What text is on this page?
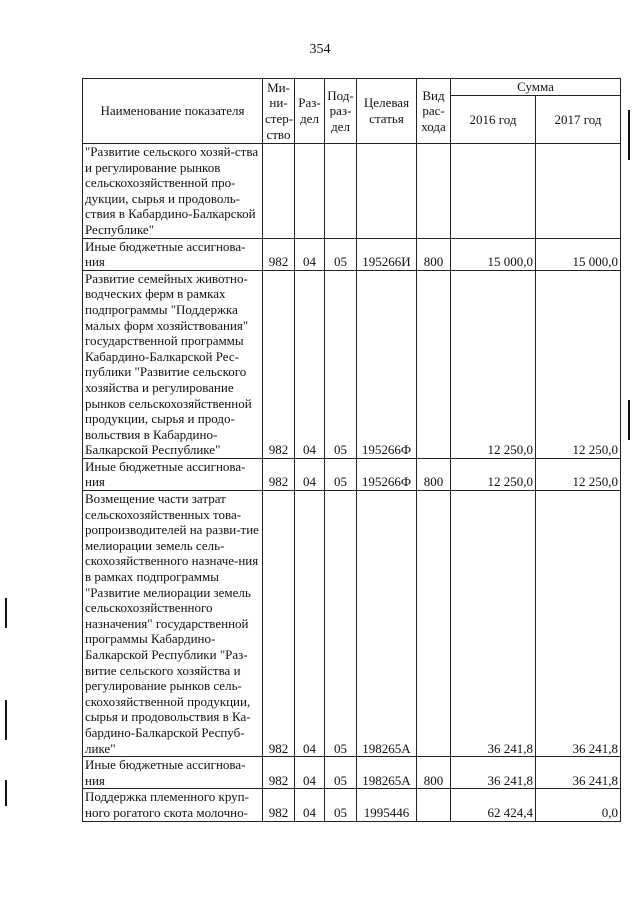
354
Наименование показателя	Ми-ни-стер-ство	Раз-дел	Под-раз-дел	Целевая статья	Вид рас-хода	Сумма	
						2016 год	2017 год
"Развитие сельского хозяй-ства и регулирование рынков сельскохозяйственной про-дукции, сырья и продоволь-ствия в Кабардино-Балкарской Республике"							
Иные бюджетные ассигнова-ния	982	04	05	195266И	800	15 000,0	15 000,0
Развитие семейных животно-водческих ферм в рамках подпрограммы "Поддержка малых форм хозяйствования" государственной программы Кабардино-Балкарской Рес-публики "Развитие сельского хозяйства и регулирование рынков сельскохозяйственной продукции, сырья и продо-вольствия в Кабардино-Балкарской Республике"	982	04	05	195266Ф		12 250,0	12 250,0
Иные бюджетные ассигнова-ния	982	04	05	195266Ф	800	12 250,0	12 250,0
Возмещение части затрат сельскохозяйственных това-ропроизводителей на разви-тие мелиорации земель сель-скохозяйственного назначе-ния в рамках подпрограммы "Развитие мелиорации земель сельскохозяйственного назначения" государственной программы Кабардино-Балкарской Республики "Раз-витие сельского хозяйства и регулирование рынков сель-скохозяйственной продукции, сырья и продовольствия в Ка-бардино-Балкарской Респуб-лике"	982	04	05	198265А		36 241,8	36 241,8
Иные бюджетные ассигнова-ния	982	04	05	198265А	800	36 241,8	36 241,8
Поддержка племенного круп-ного рогатого скота молочно-	982	04	05	1995446		62 424,4	0,0
